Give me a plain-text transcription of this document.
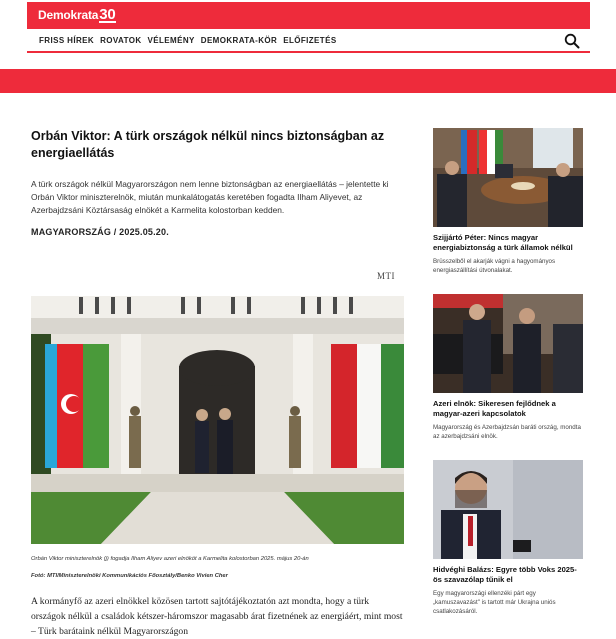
Demokrata30
FRISS HÍREK ROVATOK VÉLEMÉNY DEMOKRATA-KÖR ELŐFIZETÉS
Orbán Viktor: A türk országok nélkül nincs biztonságban az energiaellátás

A türk országok nélkül Magyarországon nem lenne biztonságban az energiaellátás – jelentette ki Orbán Viktor miniszterelnök, miután munkalátogatás keretében fogadta Ilham Aliyevet, az Azerbajdzsáni Köztársaság elnökét a Karmelita kolostorban kedden.

MAGYARORSZÁG / 2025.05.20.
MTI
Orbán Viktor miniszterelnök (j) fogadja Ilham Aliyev azeri elnököt a Karmelita kolostorban 2025. május 20-án
Fotó: MTI/Miniszterelnöki Kommunikációs Főosztály/Benko Vivien Cher

A kormányfő az azeri elnökkel közösen tartott sajtótájékoztatón azt mondta, hogy a türk országok nélkül a családok kétszer-háromszor magasabb árat fizetnének az energiáért, mint most – Türk barátaink nélkül Magyarországon

Szijjártó Péter: Nincs magyar energiabiztonság a türk államok nélkül

Brüsszelből el akarják vágni a hagyományos energiaszállítási útvonalakat.

Azeri elnök: Sikeresen fejlődnek a magyar-azeri kapcsolatok

Magyarország és Azerbajdzsán baráti ország, mondta az azerbajdzsáni elnök.

Hidvéghi Balázs: Egyre több Voks 2025-ös szavazólap tűnik el

Egy magyarországi ellenzéki párt egy „kamuszavazást" is tartott már Ukrajna uniós csatlakozásáról.
